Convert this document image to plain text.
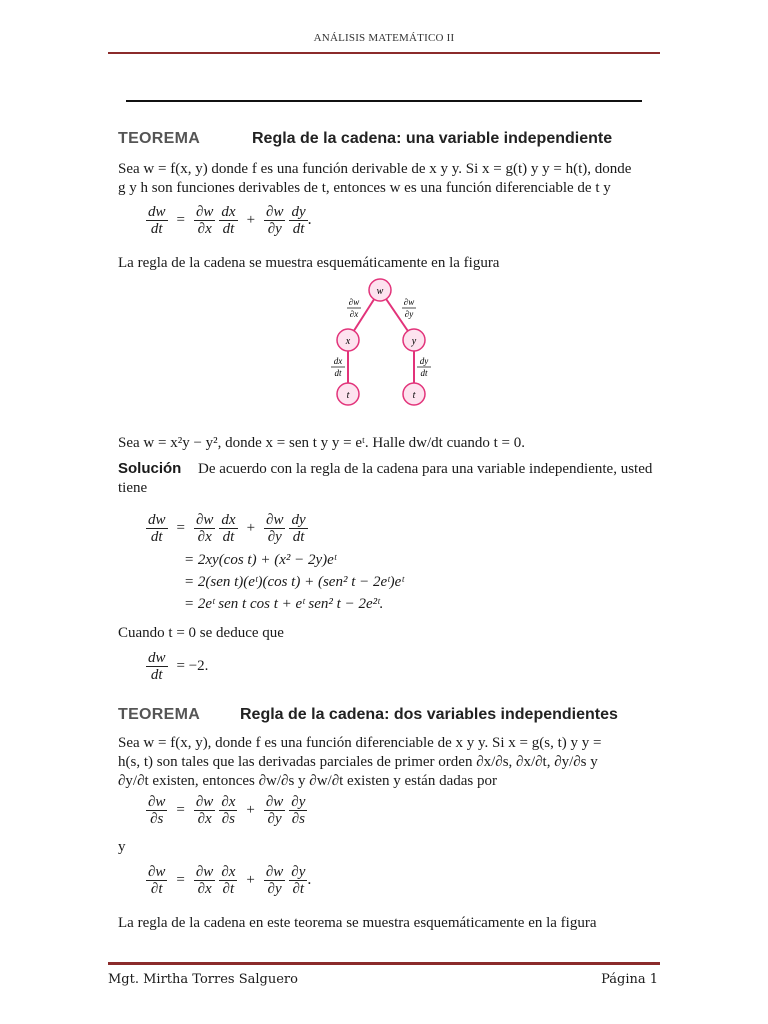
ANÁLISIS MATEMÁTICO II
TEOREMA	Regla de la cadena: una variable independiente
Sea w = f(x, y) donde f es una función derivable de x y y. Si x = g(t) y y = h(t), donde
g y h son funciones derivables de t, entonces w es una función diferenciable de t y
$\frac{dw}{dt} = \frac{\partial w}{\partial x}$
$\frac{dx}{dt} + \frac{\partial w}{\partial y}$
$\frac{dy}{dt}$ .
La regla de la cadena se muestra esquemáticamente en la figura
w
x	y
t	t
∂w
∂x
∂w
∂y
dx
dt
dy
dt
Sea w = x²y − y², donde x = sen t y y = eᵗ. Halle dw/dt cuando t = 0.
Solución De acuerdo con la regla de la cadena para una variable independiente, usted
tiene
$\frac{dw}{dt} = \frac{\partial w}{\partial x}$
$\frac{dx}{dt} + \frac{\partial w}{\partial y}$
$\frac{dy}{dt}$
= 2xy(cos t) + (x² − 2y)eᵗ
= 2(sen t)(eᵗ)(cos t) + (sen² t − 2eᵗ)eᵗ
= 2eᵗ sen t cos t + eᵗ sen² t − 2e²ᵗ.
Cuando t = 0 se deduce que
$\frac{dw}{dt} = -2$.
TEOREMA Regla de la cadena: dos variables independientes
Sea w = f(x, y), donde f es una función diferenciable de x y y. Si x = g(s, t) y y =
h(s, t) son tales que las derivadas parciales de primer orden ∂x/∂s, ∂x/∂t, ∂y/∂s y
∂y/∂t existen, entonces ∂w/∂s y ∂w/∂t existen y están dadas por
$\frac{\partial w}{\partial s} = \frac{\partial w}{\partial x}$
$\frac{\partial x}{\partial s} + \frac{\partial w}{\partial y}$
$\frac{\partial y}{\partial s}$
y
$\frac{\partial w}{\partial t} = \frac{\partial w}{\partial x}$
$\frac{\partial x}{\partial t} + \frac{\partial w}{\partial y}$
$\frac{\partial y}{\partial t}$ .
La regla de la cadena en este teorema se muestra esquemáticamente en la figura
Mgt. Mirtha Torres Salguero	Página 1
